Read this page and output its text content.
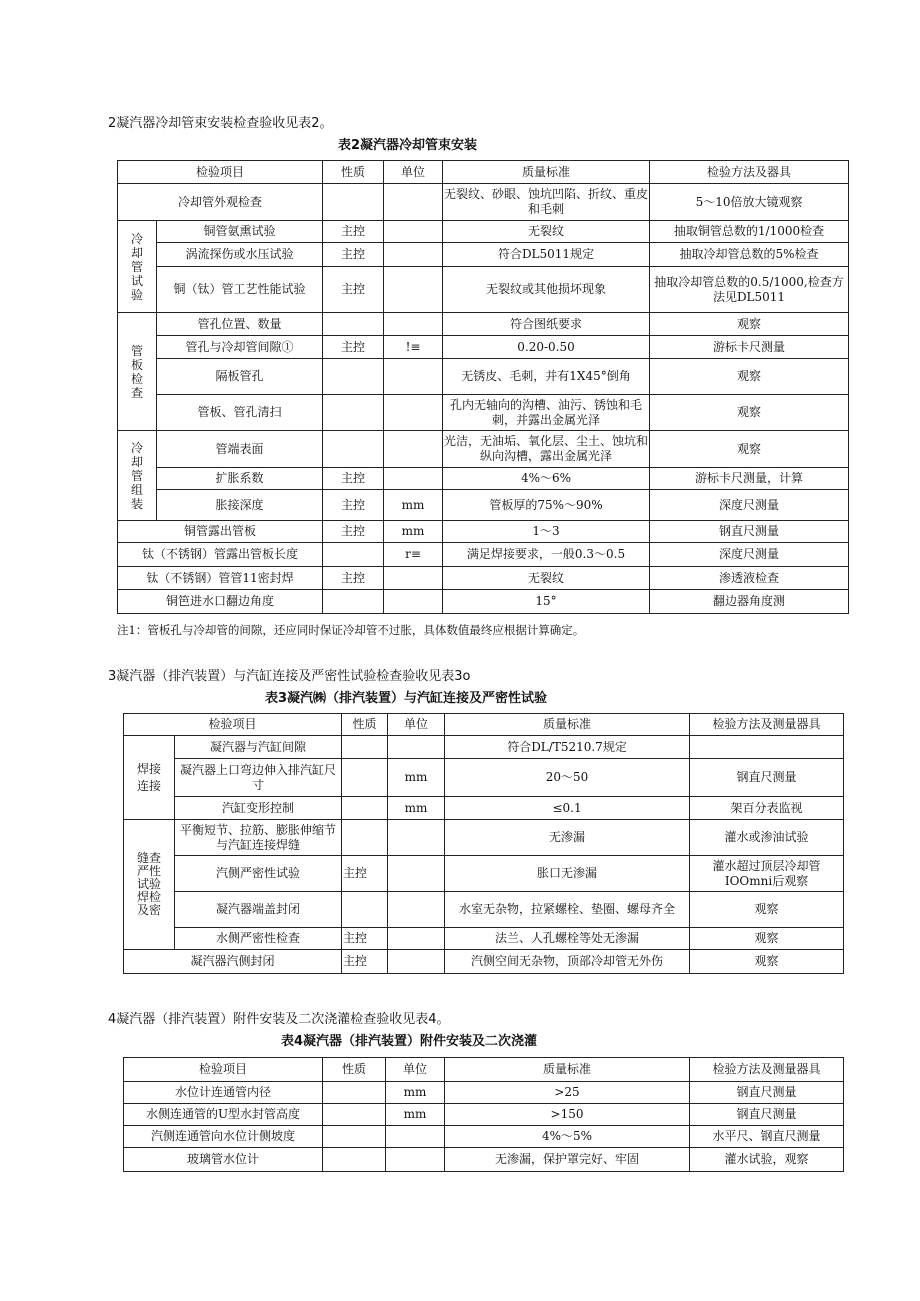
2凝汽器冷却管束安装检查验收见表2。
表2凝汽器冷却管束安装
检验项目		性质	单位	质量标准	检验方法及器具
冷却管外观检查				无裂纹、砂眼、蚀坑凹陷、折纹、重皮和毛刺	5～10倍放大镜观察

冷却管试验	铜管氨熏试验	主控		无裂纹	抽取铜管总数的1/1000检查
	涡流探伤或水压试验	主控		符合DL5011规定	抽取冷却管总数的5%检查
	铜（钛）管工艺性能试验	主控		无裂纹或其他损坏现象	抽取冷却管总数的0.5/1000,检查方法见DL5011

管板检查	管孔位置、数量			符合图纸要求	观察
	管孔与冷却管间隙①	主控	!≡	0.20-0.50	游标卡尺测量
	隔板管孔			无锈皮、毛刺，并有1X45°倒角	观察
	管板、管孔清扫			孔内无轴向的沟槽、油污、锈蚀和毛刺，并露出金属光泽	观察

冷却管组装	管端表面			光洁，无油垢、氧化层、尘土、蚀坑和纵向沟槽，露出金属光泽	观察
	扩胀系数	主控		4%～6%	游标卡尺测量，计算
	胀接深度	主控	mm	管板厚的75%～90%	深度尺测量
铜管露出管板		主控	mm	1～3	钢直尺测量
钛（不锈钢）管露出管板长度			r≡	满足焊接要求，一般0.3～0.5	深度尺测量
钛（不锈钢）管管11密封焊		主控		无裂纹	渗透液检查
铜笆进水口翻边角度				15°	翻边器角度测
注1：管板孔与冷却管的间隙，还应同时保证冷却管不过胀，具体数值最终应根据计算确定。
3凝汽器（排汽装置）与汽缸连接及严密性试验检查验收见表3o
表3凝汽㈱（排汽装置）与汽缸连接及严密性试验
检验项目		性质	单位	质量标准	检验方法及测量器具

焊接连接	凝汽器与汽缸间隙			符合DL/T5210.7规定	
	凝汽器上口弯边伸入排汽缸尺寸		mm	20～50	钢直尺测量
	汽缸变形控制		mm	≤0.1	架百分表监视

缝查严性试验焊检及密	平衡短节、拉筋、膨胀伸缩节与汽缸连接焊缝			无渗漏	灌水或渗油试验
	汽侧严密性试验	主控		胀口无渗漏	灌水超过顶层冷却管IOOmni后观察
	凝汽器端盖封闭			水室无杂物，拉紧螺栓、垫圈、螺母齐全	观察
	水侧严密性检查	主控		法兰、人孔螺栓等处无渗漏	观察
凝汽器汽侧封闭		主控		汽侧空间无杂物，顶部冷却管无外伤	观察
4凝汽器（排汽装置）附件安装及二次浇灌检查验收见表4。
表4凝汽器（排汽装置）附件安装及二次浇灌
检验项目	性质	单位	质量标准	检验方法及测量器具
水位计连通管内径		mm	>25	钢直尺测量
水侧连通管的U型水封管高度		mm	>150	钢直尺测量
汽侧连通管向水位计侧坡度			4%～5%	水平尺、钢直尺测量
玻璃管水位计			无渗漏，保护罩完好、牢固	灌水试验，观察
